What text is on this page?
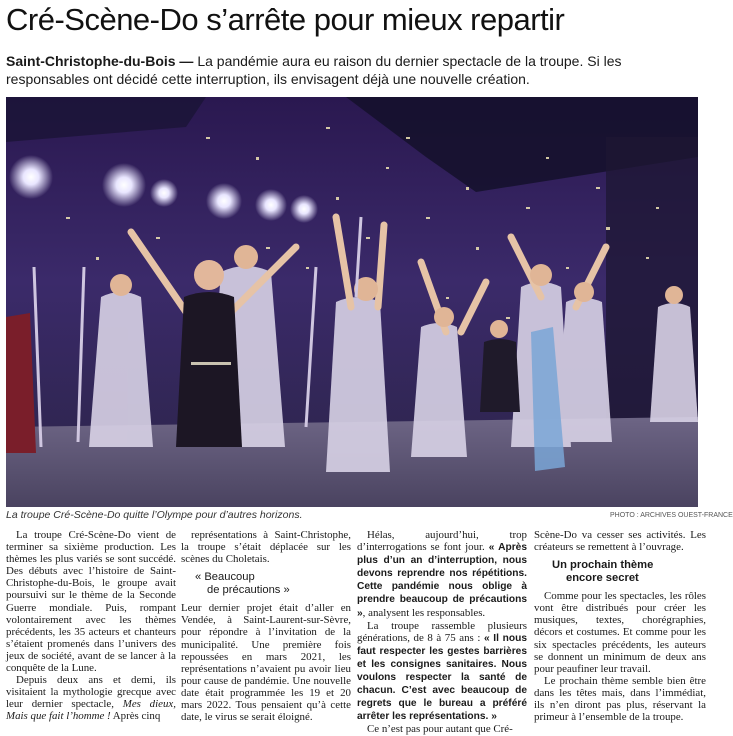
Cré-Scène-Do s’arrête pour mieux repartir
Saint-Christophe-du-Bois — La pandémie aura eu raison du dernier spectacle de la troupe. Si les responsables ont décidé cette interruption, ils envisagent déjà une nouvelle création.
La troupe Cré-Scène-Do quitte l’Olympe pour d’autres horizons.	PHOTO : ARCHIVES OUEST-FRANCE

La troupe Cré-Scène-Do vient de terminer sa sixième production. Les thèmes les plus variés se sont succédé. Des débuts avec l’histoire de Saint-Christophe-du-Bois, le groupe avait poursuivi sur le thème de la Seconde Guerre mondiale. Puis, rompant volontairement avec les thèmes précédents, les 35 acteurs et chanteurs s’étaient promenés dans l’univers des jeux de société, avant de se lancer à la conquête de la Lune.

Depuis deux ans et demi, ils visitaient la mythologie grecque avec leur dernier spectacle, Mes dieux, Mais que fait l’homme ! Après cinq

représentations à Saint-Christophe, la troupe s’était déplacée sur les scènes du Choletais.

« Beaucoup
de précautions »

Leur dernier projet était d’aller en Vendée, à Saint-Laurent-sur-Sèvre, pour répondre à l’invitation de la municipalité. Une première fois repoussées en mars 2021, les représentations n’avaient pu avoir lieu pour cause de pandémie. Une nouvelle date était programmée les 19 et 20 mars 2022. Tous pensaient qu’à cette date, le virus se serait éloigné.

Hélas, aujourd’hui, trop d’interrogations se font jour. « Après plus d’un an d’interruption, nous devons reprendre nos répétitions. Cette pandémie nous oblige à prendre beaucoup de précautions », analysent les responsables.

La troupe rassemble plusieurs générations, de 8 à 75 ans : « Il nous faut respecter les gestes barrières et les consignes sanitaires. Nous voulons respecter la santé de chacun. C’est avec beaucoup de regrets que le bureau a préféré arrêter les représentations. »

Ce n’est pas pour autant que Cré-

Scène-Do va cesser ses activités. Les créateurs se remettent à l’ouvrage.

Un prochain thème
encore secret

Comme pour les spectacles, les rôles vont être distribués pour créer les musiques, textes, chorégraphies, décors et costumes. Et comme pour les six spectacles précédents, les auteurs se donnent un minimum de deux ans pour peaufiner leur travail.

Le prochain thème semble bien être dans les têtes mais, dans l’immédiat, ils n’en diront pas plus, réservant la primeur à l’ensemble de la troupe.
